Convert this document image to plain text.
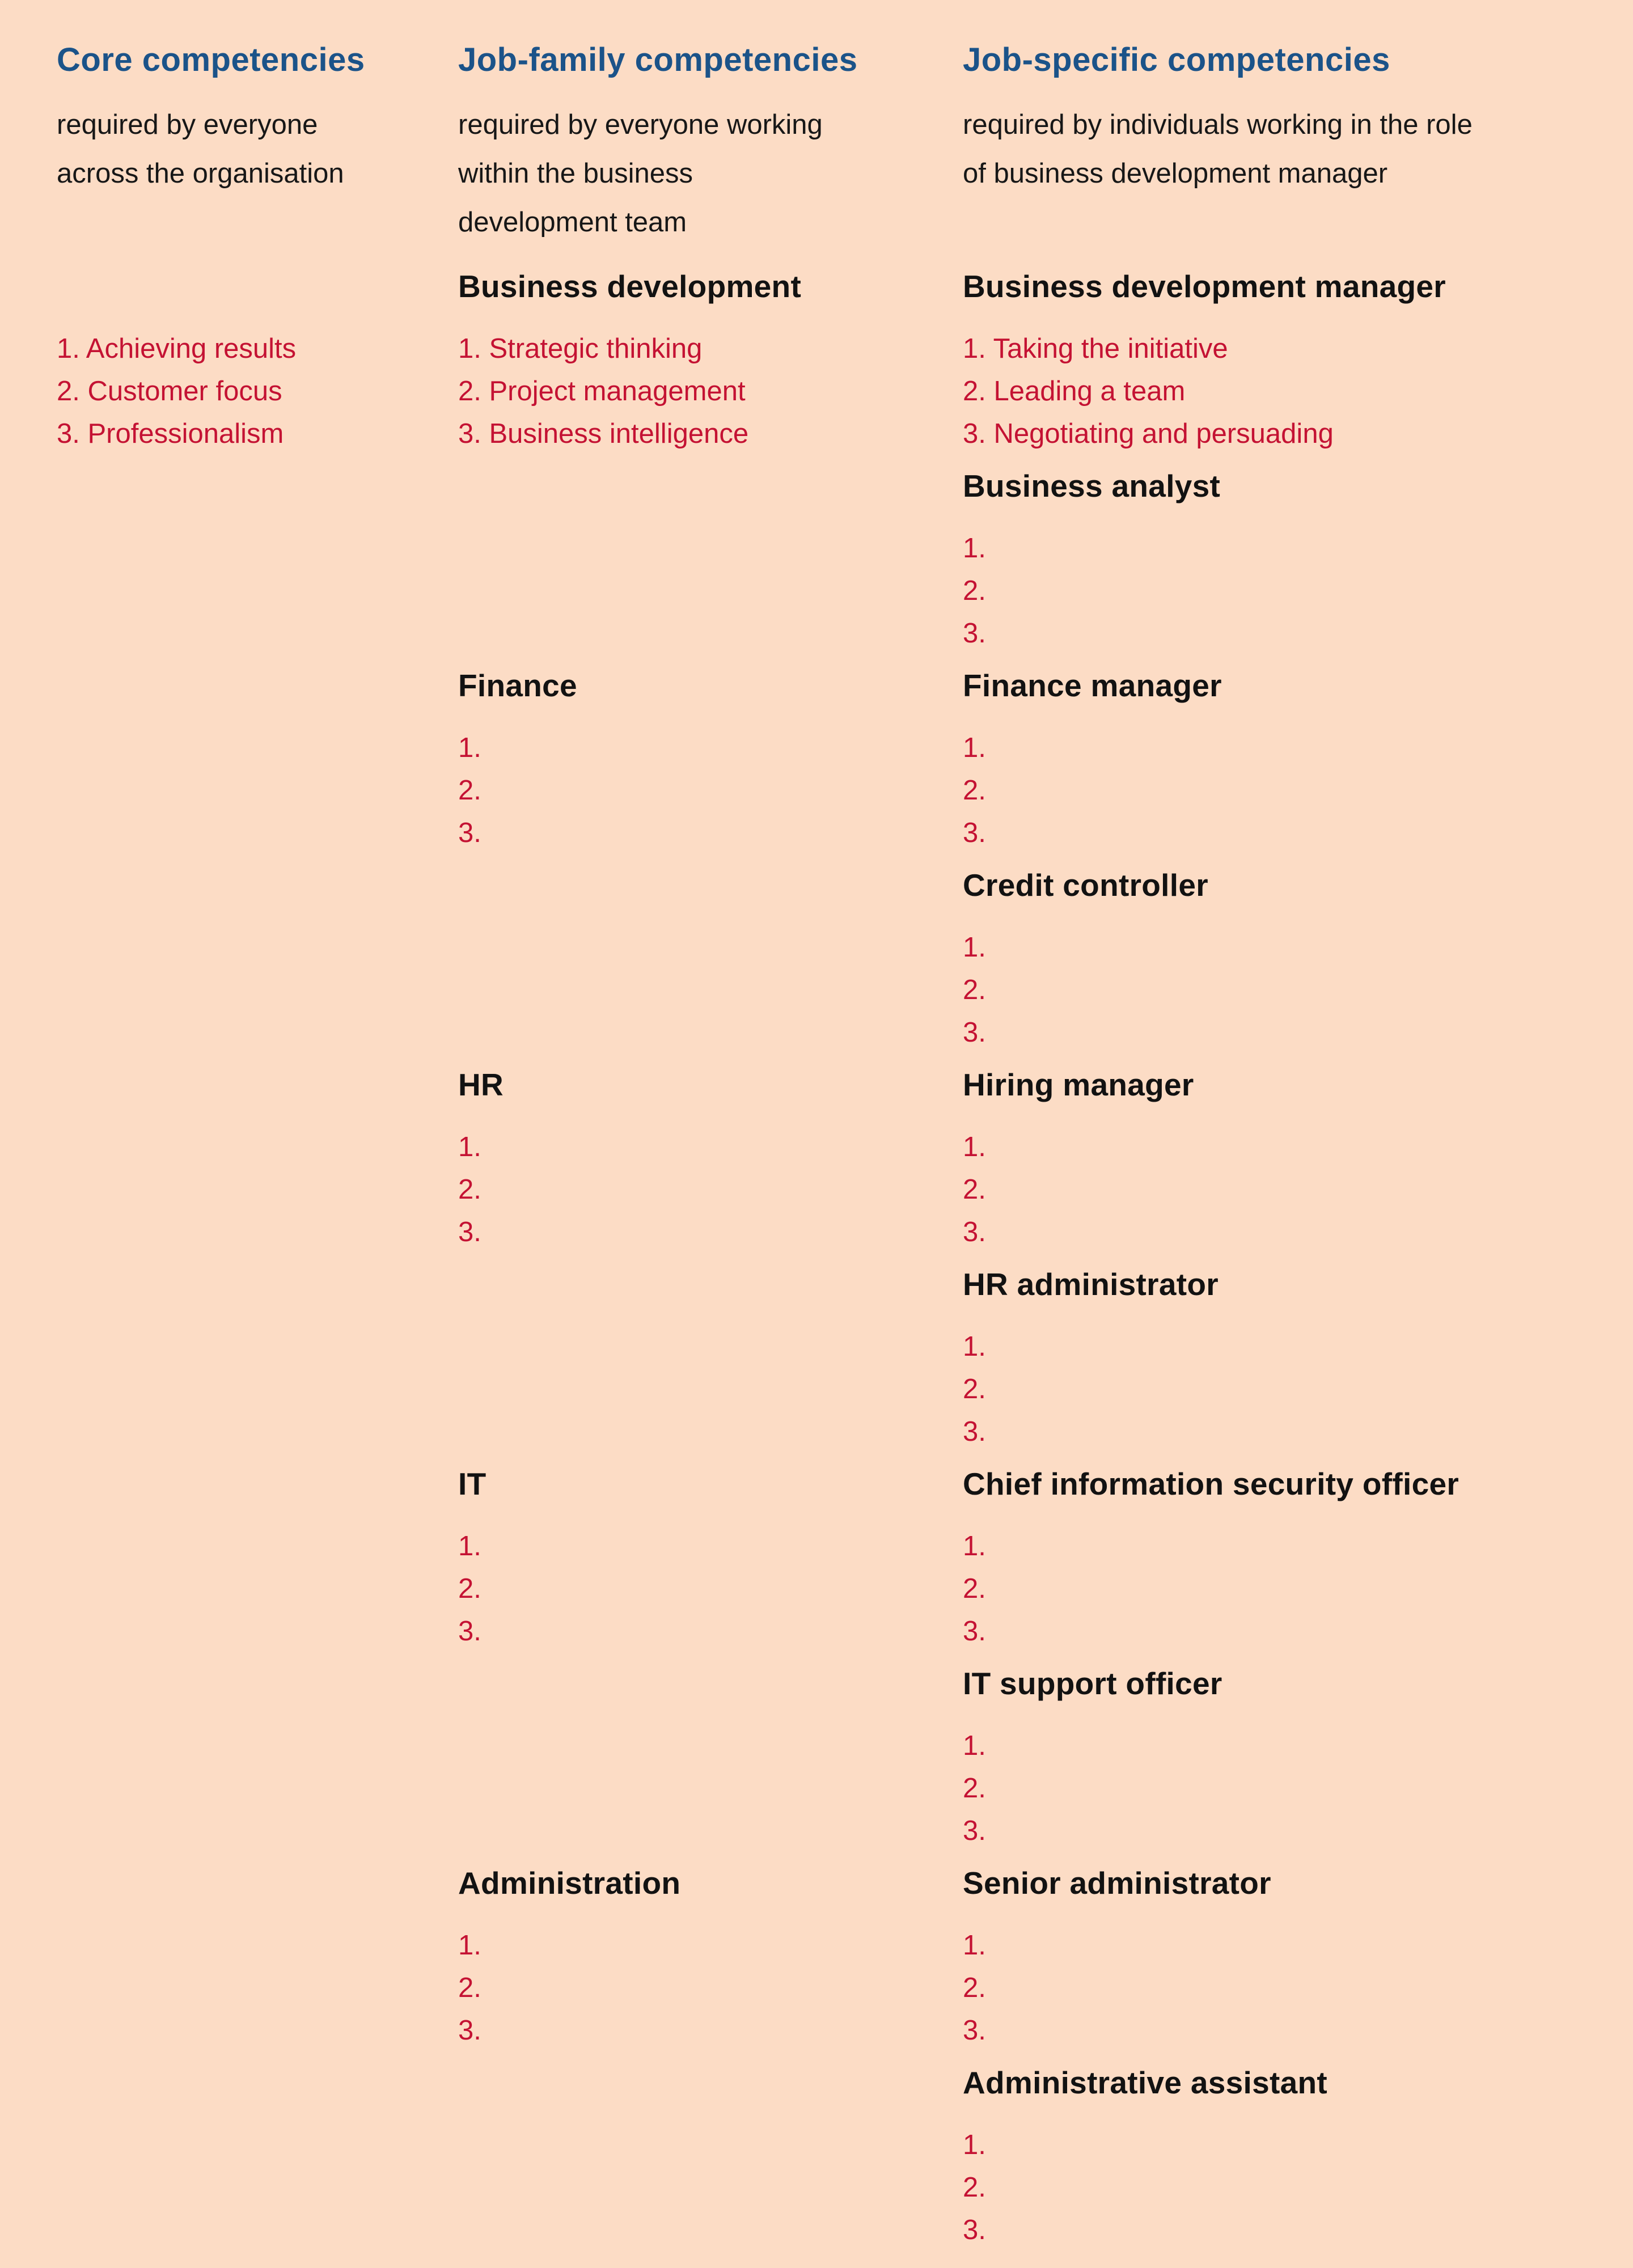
Core competencies

required by everyone across the organisation

Job-family competencies

required by everyone working within the business development team

Job-specific competencies

required by individuals working in the role of business development manager

1. Achieving results
2. Customer focus
3. Professionalism
Business development
1. Strategic thinking
2. Project management
3. Business intelligence
Business development manager
1. Taking the initiative
2. Leading a team
3. Negotiating and persuading
Business analyst
1.
2.
3.
Finance
1.
2.
3.
Finance manager
1.
2.
3.
Credit controller
1.
2.
3.
HR
1.
2.
3.
Hiring manager
1.
2.
3.
HR administrator
1.
2.
3.
IT
1.
2.
3.
Chief information security officer
1.
2.
3.
IT support officer
1.
2.
3.
Administration
1.
2.
3.
Senior administrator
1.
2.
3.
Administrative assistant
1.
2.
3.
